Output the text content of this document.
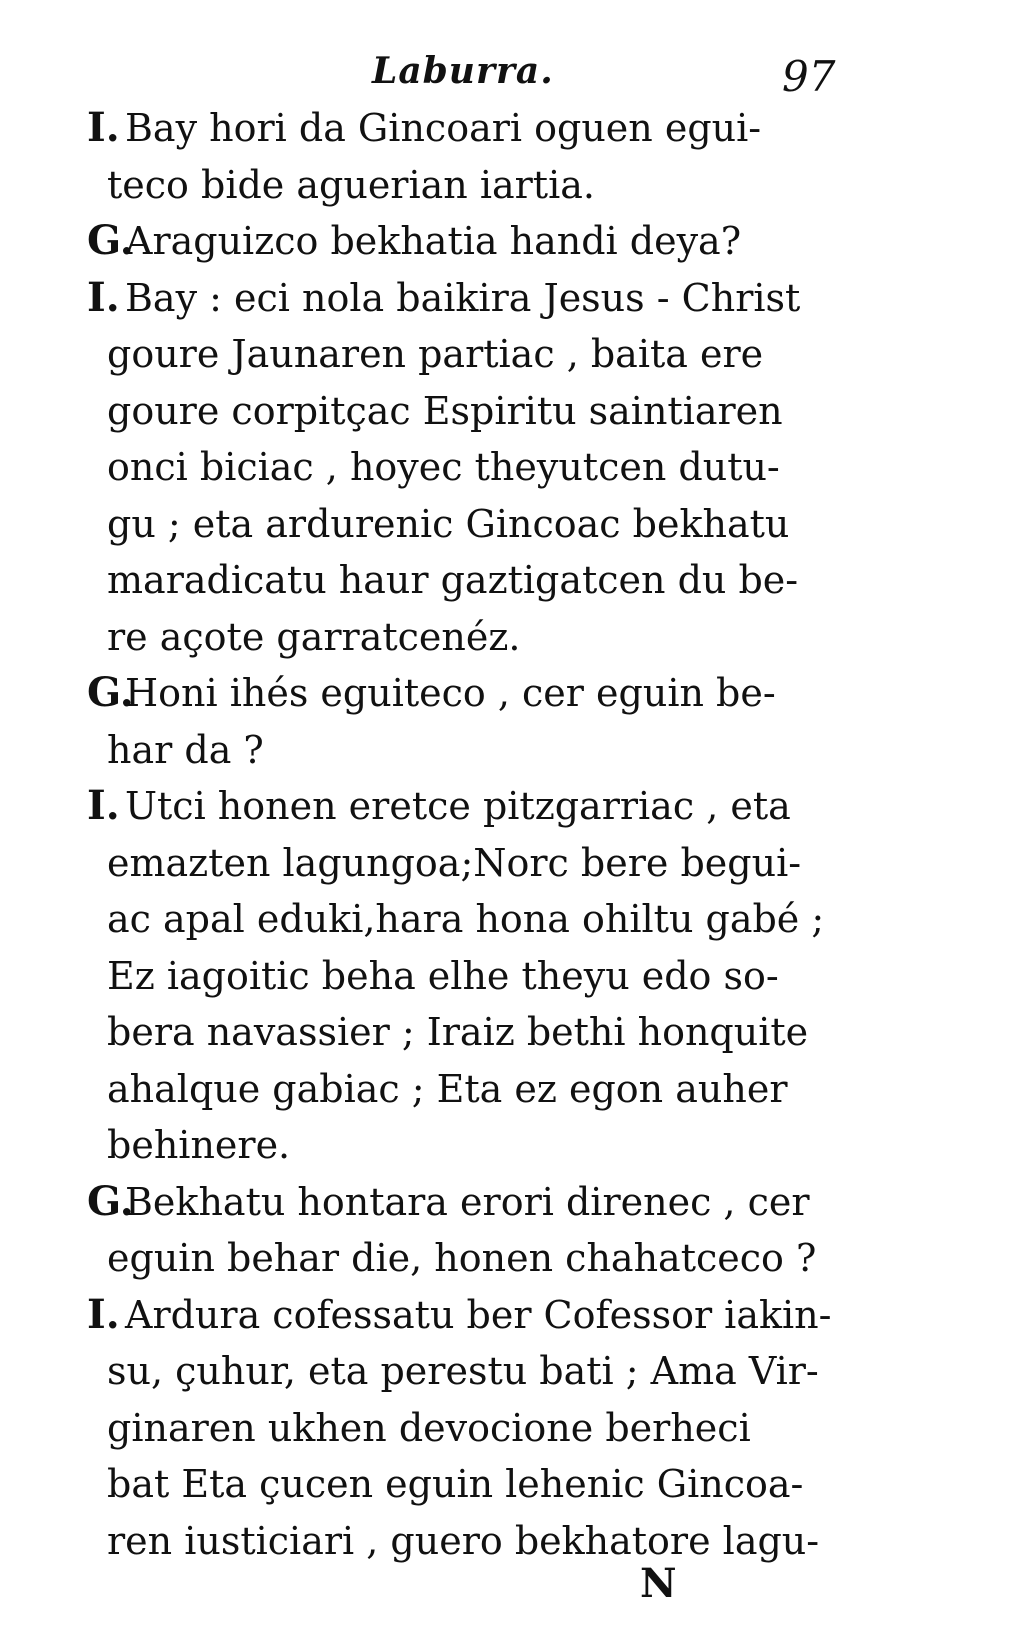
Laburra.	97
I. Bay hori da Gincoari oguen egui-
teco bide aguerian iartia.
G.
Araguizco bekhatia handi deya?
I. Bay : eci nola baikira Jesus - Christ
goure Jaunaren partiac , baita ere
goure corpitçac Espiritu saintiaren
onci biciac , hoyec theyutcen dutu-
gu ; eta ardurenic Gincoac bekhatu
maradicatu haur gaztigatcen du be-
re açote garratcenéz.
G.
Honi ihés eguiteco , cer eguin be-
har da ?
I. Utci honen eretce pitzgarriac , eta
emazten lagungoa;Norc bere begui-
ac apal eduki,hara hona ohiltu gabé ;
Ez iagoitic beha elhe theyu edo so-
bera navassier ; Iraiz bethi honquite
ahalque gabiac ; Eta ez egon auher
behinere.
G.
Bekhatu hontara erori direnec , cer
eguin behar die, honen chahatceco ?
I. Ardura cofessatu ber Cofessor iakin-
su, çuhur, eta perestu bati ; Ama Vir-
ginaren ukhen devocione berheci
bat Eta çucen eguin lehenic Gincoa-
ren iusticiari , guero bekhatore lagu-
N
